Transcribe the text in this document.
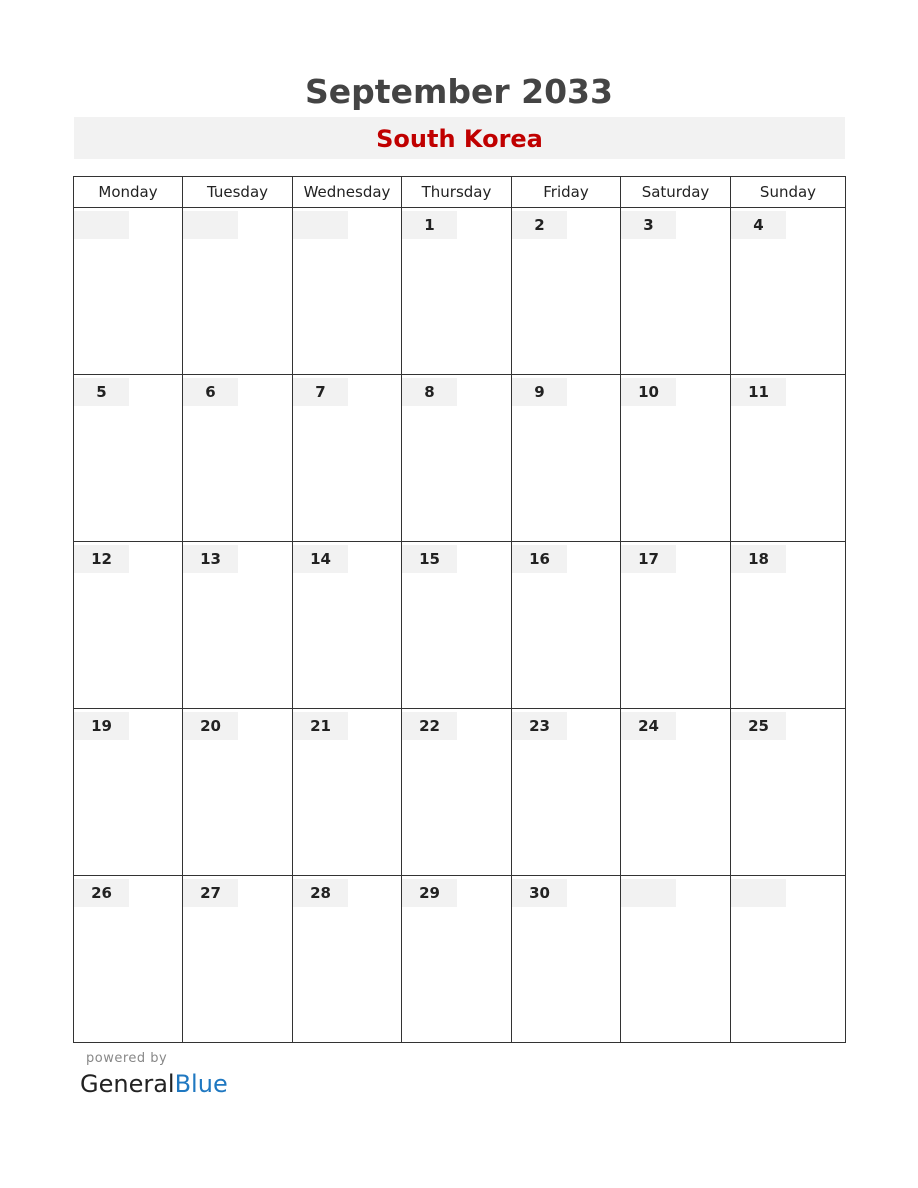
September 2033
South Korea
Monday	Tuesday	Wednesday	Thursday	Friday	Saturday	Sunday

			1	2	3	4

5	6	7	8	9	10	11

12	13	14	15	16	17	18

19	20	21	22	23	24	25

26	27	28	29	30		

powered by
GeneralBlue
